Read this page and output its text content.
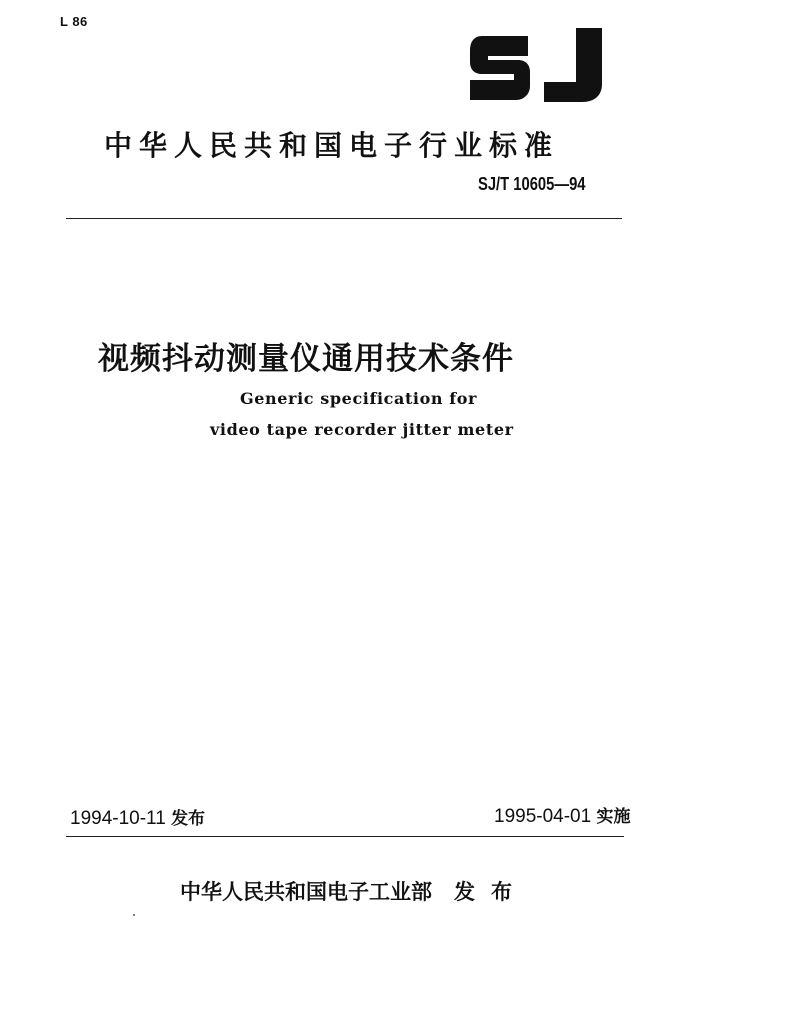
L 86
中华人民共和国电子行业标准
SJ/T 10605—94
视频抖动测量仪通用技术条件
Generic specification for
video tape recorder jitter meter
1994-10-11 发布	1995-04-01 实施
中华人民共和国电子工业部 发 布
